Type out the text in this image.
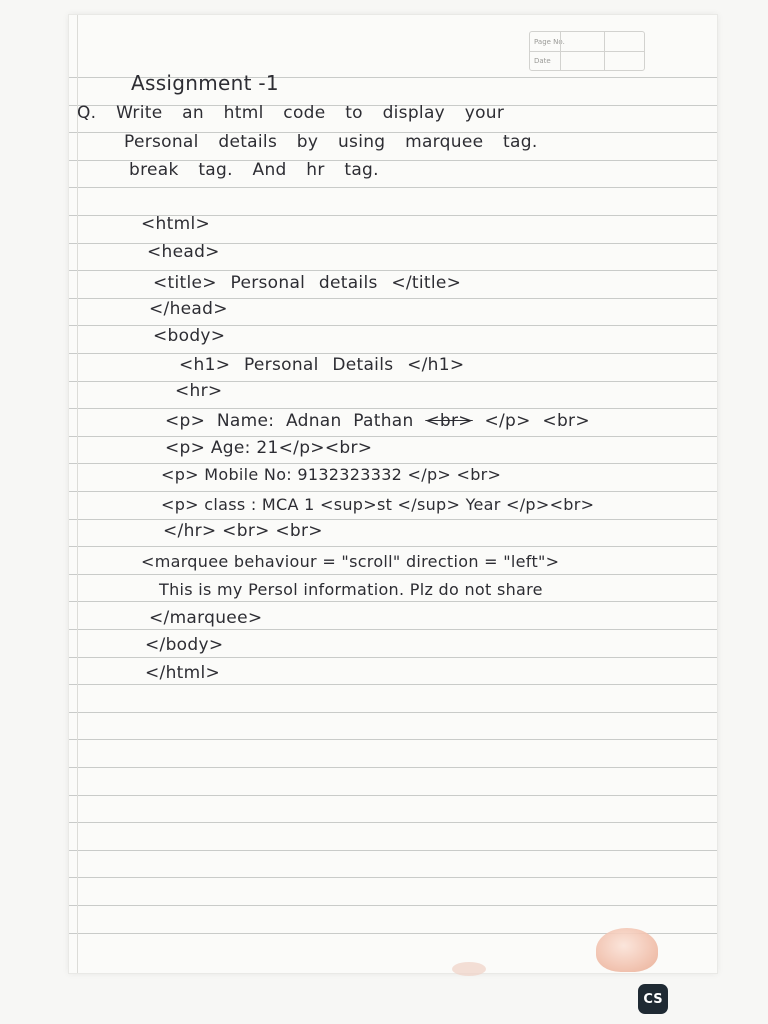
Page No.
Date
Assignment -1
Q. Write an html code to display your
Personal details by using marquee tag.
break tag. And hr tag.
<html>
<head>
<title> Personal details </title>
</head>
<body>
<h1> Personal Details </h1>
<hr>
<p> Name: Adnan Pathan <br> </p> <br>
<p> Age: 21</p><br>
<p> Mobile No: 9132323332 </p> <br>
<p> class : MCA 1 <sup>st </sup> Year </p><br>
</hr> <br> <br>
<marquee behaviour = "scroll" direction = "left">
This is my Persol information. Plz do not share
</marquee>
</body>
</html>
CS
